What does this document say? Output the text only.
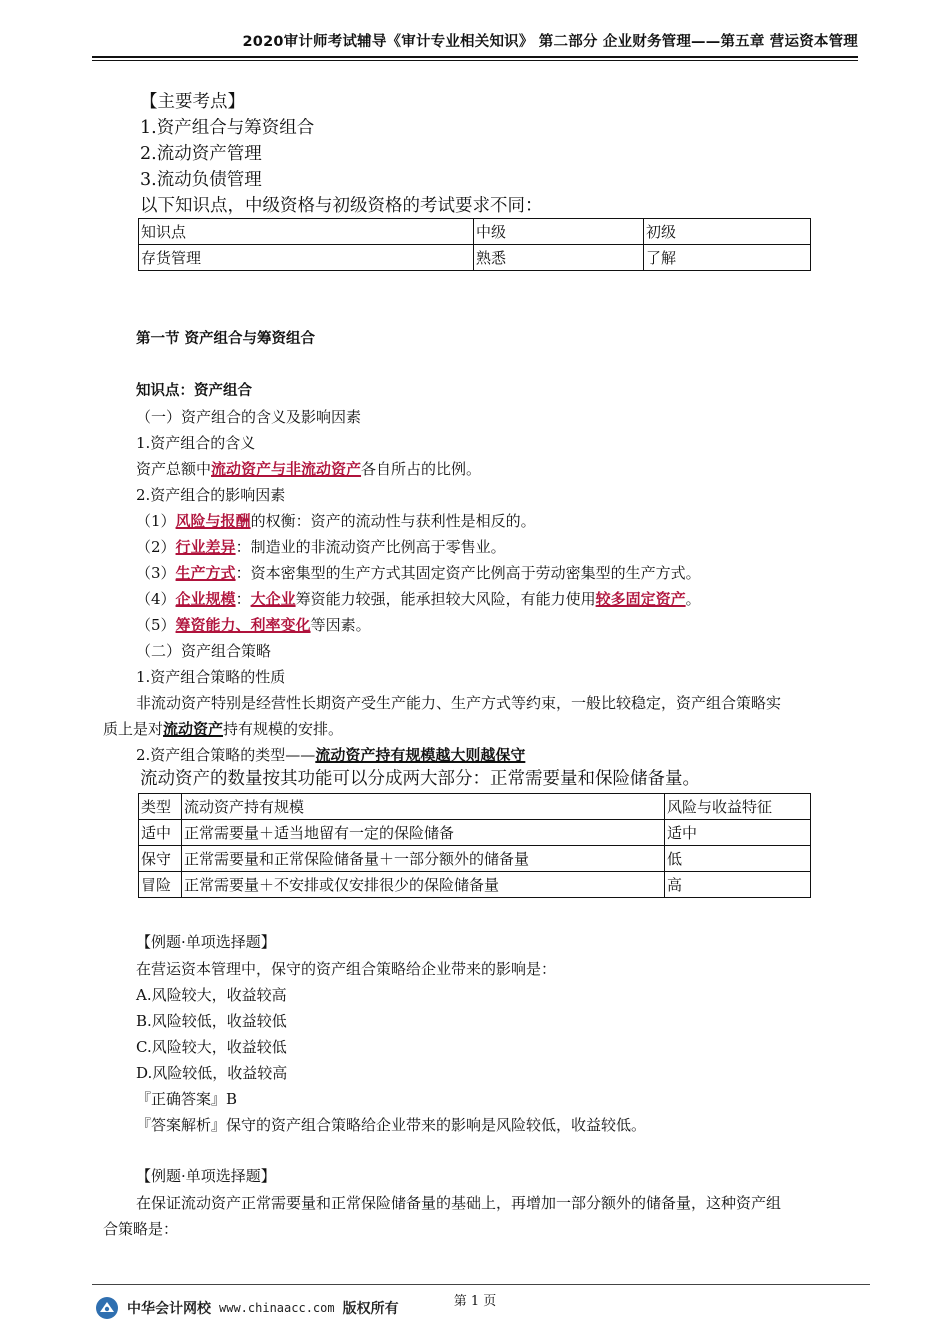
2020审计师考试辅导《审计专业相关知识》 第二部分 企业财务管理——第五章 营运资本管理
【主要考点】
1.资产组合与筹资组合
2.流动资产管理
3.流动负债管理
以下知识点，中级资格与初级资格的考试要求不同：
知识点	中级	初级
存货管理	熟悉	了解
第一节 资产组合与筹资组合
知识点：资产组合
（一）资产组合的含义及影响因素
1.资产组合的含义
资产总额中流动资产与非流动资产各自所占的比例。
2.资产组合的影响因素
（1）风险与报酬的权衡：资产的流动性与获利性是相反的。
（2）行业差异：制造业的非流动资产比例高于零售业。
（3）生产方式：资本密集型的生产方式其固定资产比例高于劳动密集型的生产方式。
（4）企业规模：大企业筹资能力较强，能承担较大风险，有能力使用较多固定资产。
（5）筹资能力、利率变化等因素。
（二）资产组合策略
1.资产组合策略的性质
非流动资产特别是经营性长期资产受生产能力、生产方式等约束，一般比较稳定，资产组合策略实
质上是对流动资产持有规模的安排。
2.资产组合策略的类型——流动资产持有规模越大则越保守
流动资产的数量按其功能可以分成两大部分：正常需要量和保险储备量。
类型	流动资产持有规模	风险与收益特征
适中	正常需要量＋适当地留有一定的保险储备	适中
保守	正常需要量和正常保险储备量＋一部分额外的储备量	低
冒险	正常需要量＋不安排或仅安排很少的保险储备量	高
【例题·单项选择题】
在营运资本管理中，保守的资产组合策略给企业带来的影响是：
A.风险较大，收益较高
B.风险较低，收益较低
C.风险较大，收益较低
D.风险较低，收益较高
『正确答案』B
『答案解析』保守的资产组合策略给企业带来的影响是风险较低，收益较低。
【例题·单项选择题】
在保证流动资产正常需要量和正常保险储备量的基础上，再增加一部分额外的储备量，这种资产组
合策略是：
第 1 页
中华会计网校 www.chinaacc.com 版权所有
